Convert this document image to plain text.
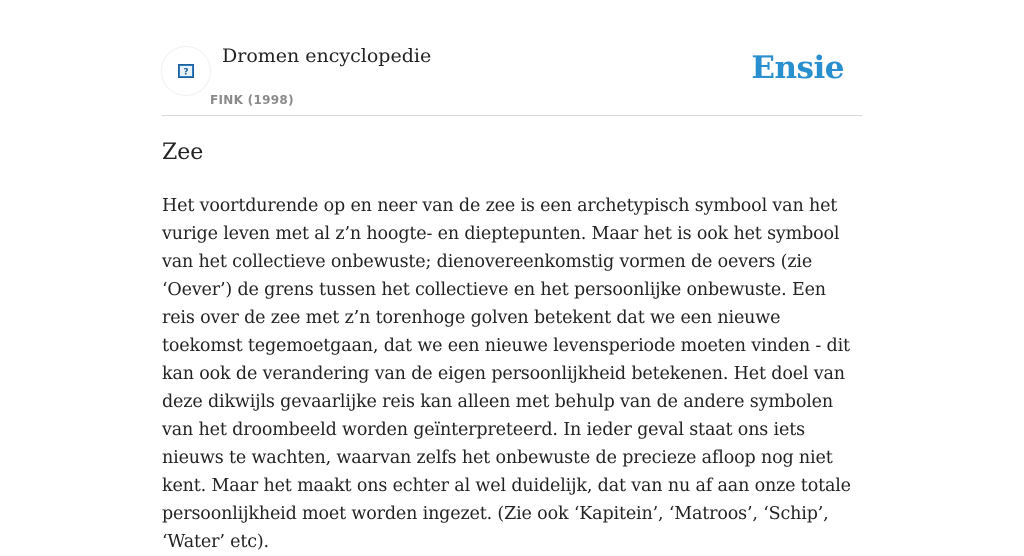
?
Dromen encyclopedie
FINK (1998)
Ensie
Zee

Het voortdurende op en neer van de zee is een archetypisch symbool van het vurige leven met al z’n hoogte- en dieptepunten. Maar het is ook het symbool van het collectieve onbewuste; dienovereenkomstig vormen de oevers (zie ‘Oever’) de grens tussen het collectieve en het persoonlijke onbewuste. Een reis over de zee met z’n torenhoge golven betekent dat we een nieuwe toekomst tegemoetgaan, dat we een nieuwe levensperiode moeten vinden - dit kan ook de verandering van de eigen persoonlijkheid betekenen. Het doel van deze dikwijls gevaarlijke reis kan alleen met behulp van de andere symbolen van het droombeeld worden geïnterpreteerd. In ieder geval staat ons iets nieuws te wachten, waarvan zelfs het onbewuste de precieze afloop nog niet kent. Maar het maakt ons echter al wel duidelijk, dat van nu af aan onze totale persoonlijkheid moet worden ingezet. (Zie ook ‘Kapitein’, ‘Matroos’, ‘Schip’, ‘Water’ etc).
